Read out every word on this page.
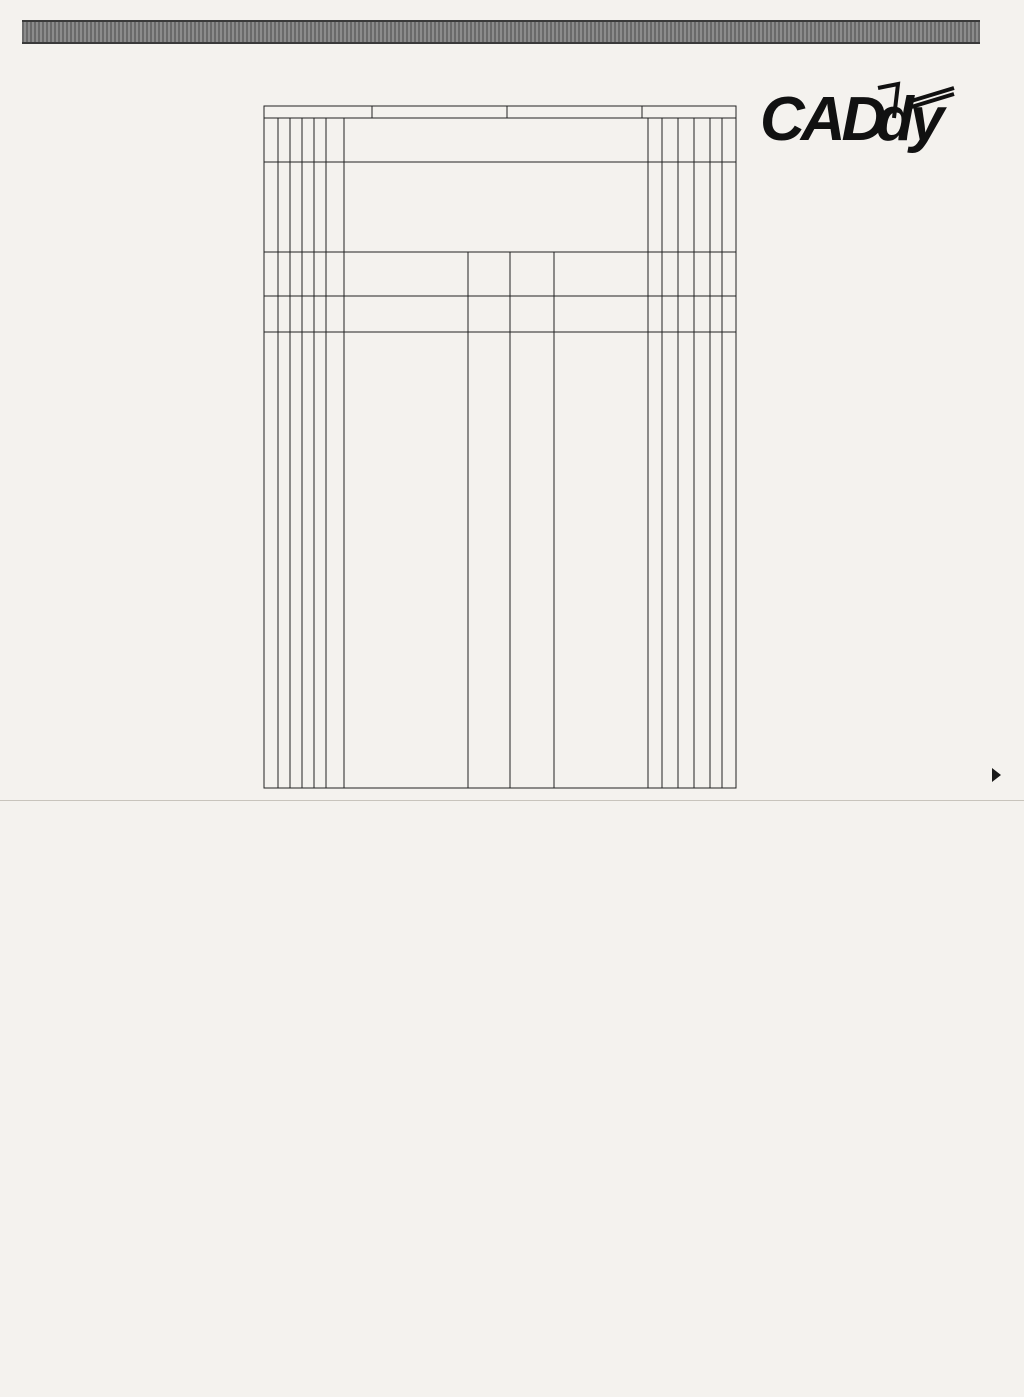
CAD
dy
